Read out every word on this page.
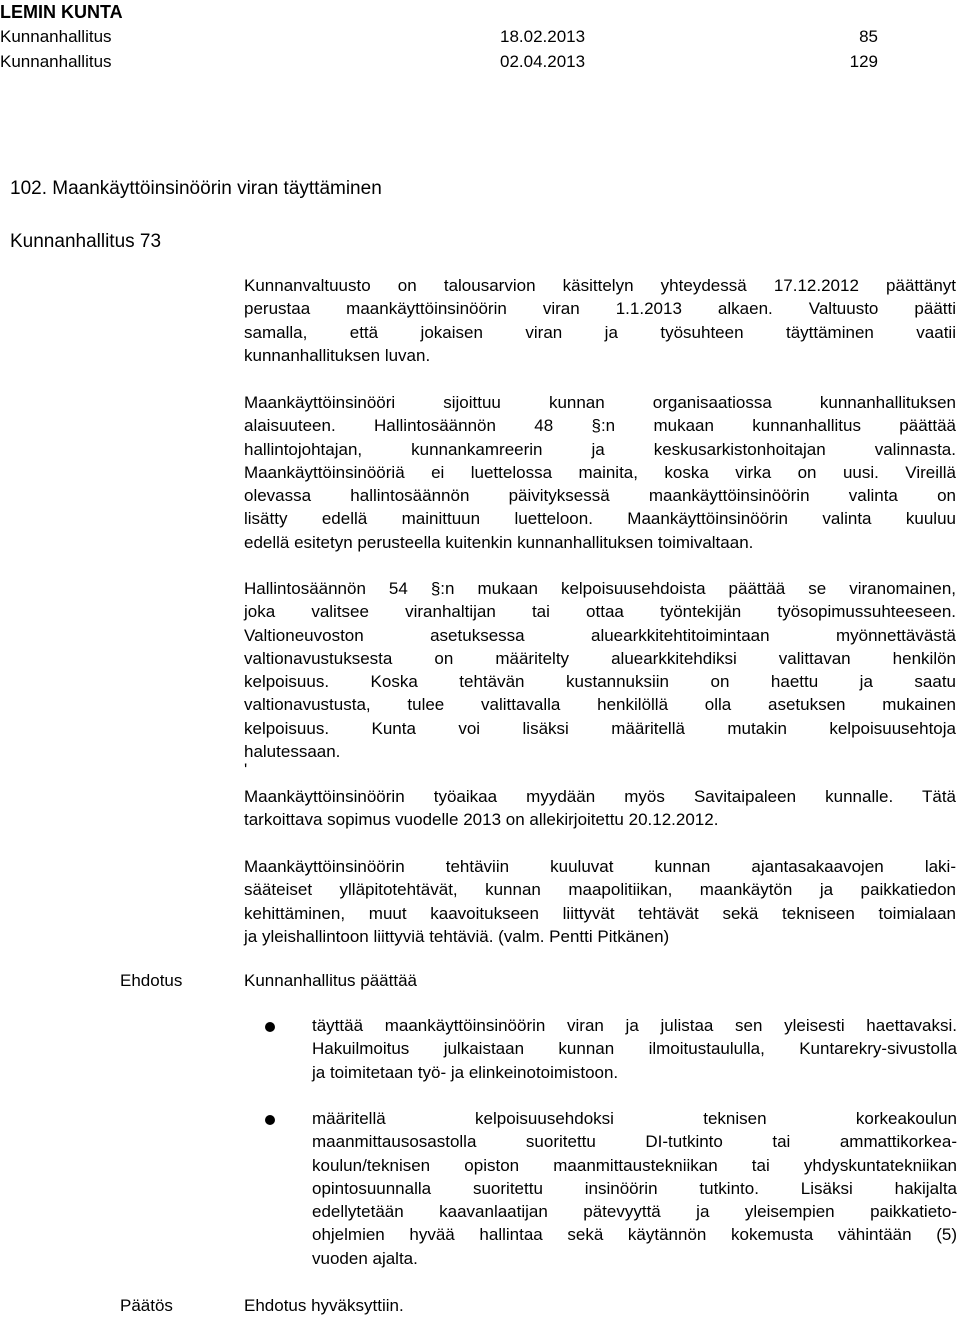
LEMIN KUNTA

Kunnanhallitus	18.02.2013	85

Kunnanhallitus	02.04.2013	129

102. Maankäyttöinsinöörin viran täyttäminen

Kunnanhallitus 73

Kunnanvaltuusto on talousarvion käsittelyn yhteydessä 17.12.2012 päättänyt
perustaa maankäyttöinsinöörin viran 1.1.2013 alkaen. Valtuusto päätti
samalla, että jokaisen viran ja työsuhteen täyttäminen vaatii
kunnanhallituksen luvan.
Maankäyttöinsinööri sijoittuu kunnan organisaatiossa kunnanhallituksen
alaisuuteen. Hallintosäännön 48 §:n mukaan kunnanhallitus päättää
hallintojohtajan, kunnankamreerin ja keskusarkistonhoitajan valinnasta.
Maankäyttöinsinööriä ei luettelossa mainita, koska virka on uusi. Vireillä
olevassa hallintosäännön päivityksessä maankäyttöinsinöörin valinta on
lisätty edellä mainittuun luetteloon. Maankäyttöinsinöörin valinta kuuluu
edellä esitetyn perusteella kuitenkin kunnanhallituksen toimivaltaan.
Hallintosäännön 54 §:n mukaan kelpoisuusehdoista päättää se viranomainen,
joka valitsee viranhaltijan tai ottaa työntekijän työsopimussuhteeseen.
Valtioneuvoston asetuksessa aluearkkitehtitoimintaan myönnettävästä
valtionavustuksesta on määritelty aluearkkitehdiksi valittavan henkilön
kelpoisuus. Koska tehtävän kustannuksiin on haettu ja saatu
valtionavustusta, tulee valittavalla henkilöllä olla asetuksen mukainen
kelpoisuus. Kunta voi lisäksi määritellä mutakin kelpoisuusehtoja
halutessaan.
'
Maankäyttöinsinöörin työaikaa myydään myös Savitaipaleen kunnalle. Tätä
tarkoittava sopimus vuodelle 2013 on allekirjoitettu 20.12.2012.
Maankäyttöinsinöörin tehtäviin kuuluvat kunnan ajantasakaavojen laki-
sääteiset ylläpitotehtävät, kunnan maapolitiikan, maankäytön ja paikkatiedon
kehittäminen, muut kaavoitukseen liittyvät tehtävät sekä tekniseen toimialaan
ja yleishallintoon liittyviä tehtäviä. (valm. Pentti Pitkänen)

Ehdotus	Kunnanhallitus päättää

täyttää maankäyttöinsinöörin viran ja julistaa sen yleisesti haettavaksi.
Hakuilmoitus julkaistaan kunnan ilmoitustaululla, Kuntarekry-sivustolla
ja toimitetaan työ- ja elinkeinotoimistoon.
määritellä kelpoisuusehdoksi teknisen korkeakoulun
maanmittausosastolla suoritettu DI-tutkinto tai ammattikorkea-
koulun/teknisen opiston maanmittaustekniikan tai yhdyskuntatekniikan
opintosuunnalla suoritettu insinöörin tutkinto. Lisäksi hakijalta
edellytetään kaavanlaatijan pätevyyttä ja yleisempien paikkatieto-
ohjelmien hyvää hallintaa sekä käytännön kokemusta vähintään (5)
vuoden ajalta.

Päätös	Ehdotus hyväksyttiin.
